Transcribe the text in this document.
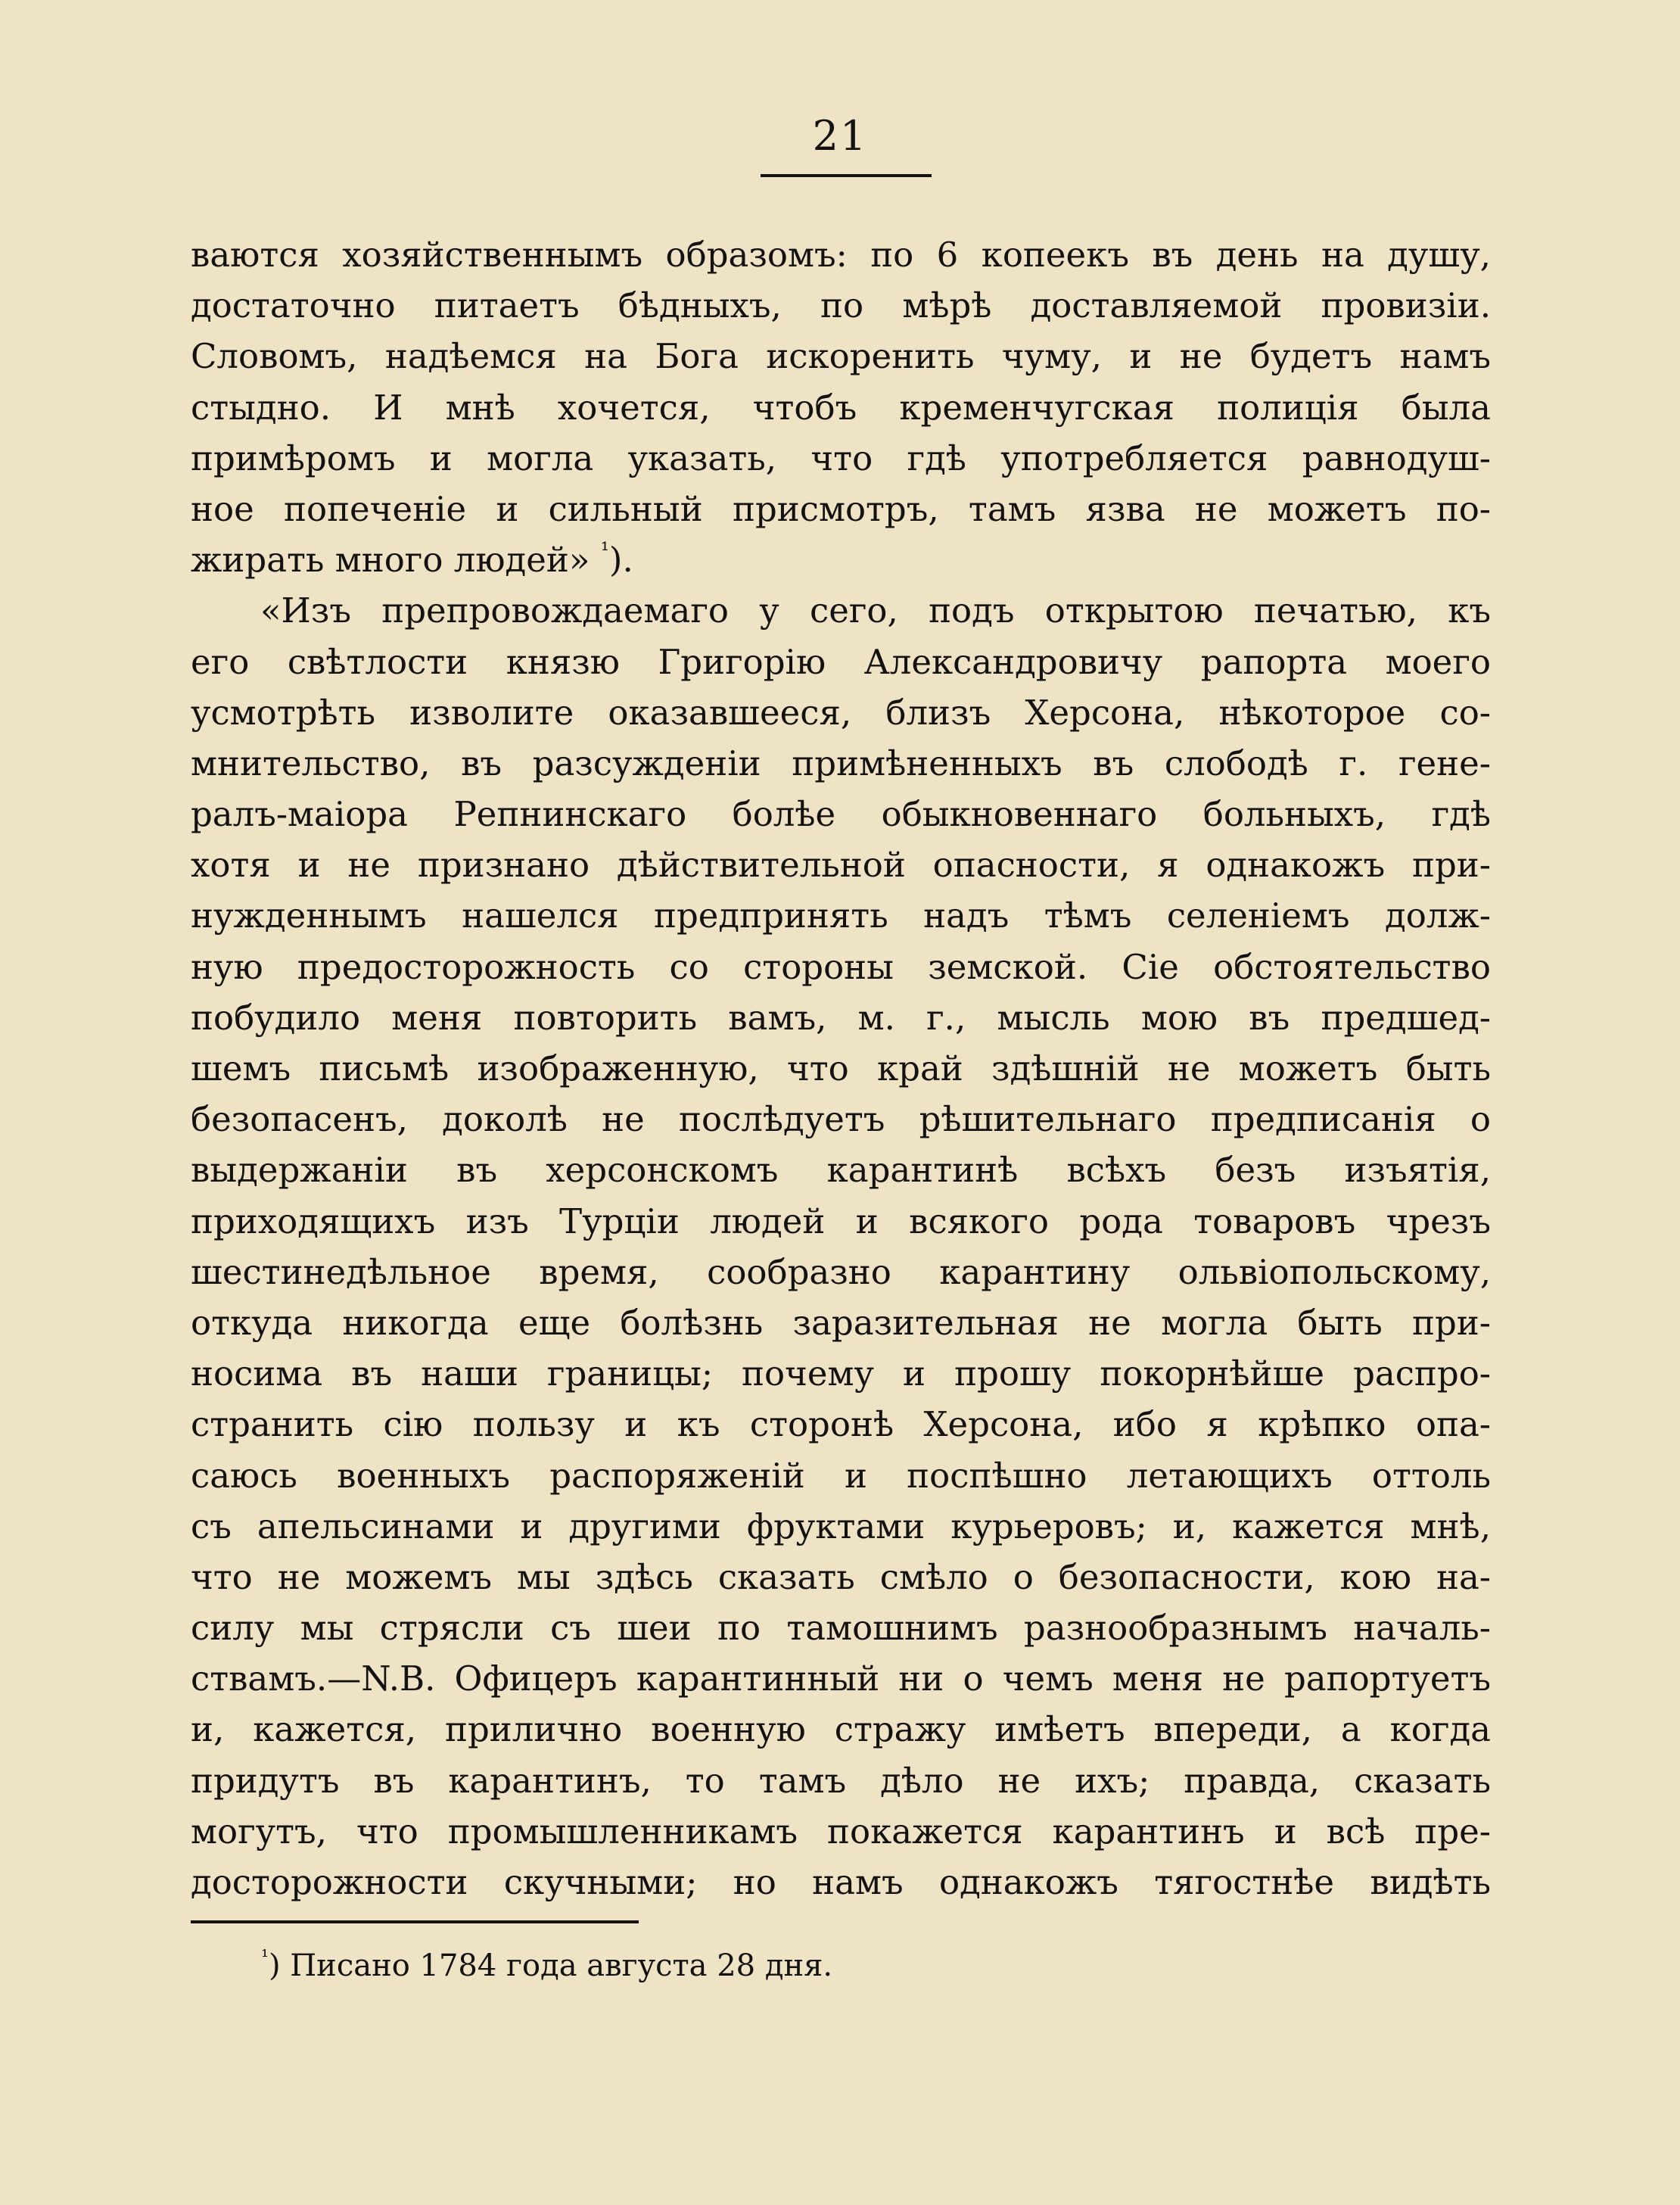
21
ваются хозяйственнымъ образомъ: по 6 копеекъ въ день на душу,
достаточно питаетъ бѣдныхъ, по мѣрѣ доставляемой провизіи.
Словомъ, надѣемся на Бога искоренить чуму, и не будетъ намъ
стыдно. И мнѣ хочется, чтобъ кременчугская полиція была
примѣромъ и могла указать, что гдѣ употребляется равнодуш-
ное попеченіе и сильный присмотръ, тамъ язва не можетъ по-
жирать много людей» $^{^1}$).
«Изъ препровождаемаго у сего, подъ открытою печатью, къ
его свѣтлости князю Григорію Александровичу рапорта моего
усмотрѣть изволите оказавшееся, близъ Херсона, нѣкоторое со-
мнительство, въ разсужденіи примѣненныхъ въ слободѣ г. гене-
ралъ-маіора Репнинскаго болѣе обыкновеннаго больныхъ, гдѣ
хотя и не признано дѣйствительной опасности, я однакожъ при-
нужденнымъ нашелся предпринять надъ тѣмъ селеніемъ долж-
ную предосторожность со стороны земской. Сіе обстоятельство
побудило меня повторить вамъ, м. г., мысль мою въ предшед-
шемъ письмѣ изображенную, что край здѣшній не можетъ быть
безопасенъ, доколѣ не послѣдуетъ рѣшительнаго предписанія о
выдержаніи въ херсонскомъ карантинѣ всѣхъ безъ изъятія,
приходящихъ изъ Турціи людей и всякого рода товаровъ чрезъ
шестинедѣльное время, сообразно карантину ольвіопольскому,
откуда никогда еще болѣзнь заразительная не могла быть при-
носима въ наши границы; почему и прошу покорнѣйше распро-
странить сію пользу и къ сторонѣ Херсона, ибо я крѣпко опа-
саюсь военныхъ распоряженій и поспѣшно летающихъ оттоль
съ апельсинами и другими фруктами курьеровъ; и, кажется мнѣ,
что не можемъ мы здѣсь сказать смѣло о безопасности, кою на-
силу мы стрясли съ шеи по тамошнимъ разнообразнымъ началь-
ствамъ.—N.B. Офицеръ карантинный ни о чемъ меня не рапортуетъ
и, кажется, прилично военную стражу имѣетъ впереди, а когда
придутъ въ карантинъ, то тамъ дѣло не ихъ; правда, сказать
могутъ, что промышленникамъ покажется карантинъ и всѣ пре-
досторожности скучными; но намъ однакожъ тягостнѣе видѣть
$^{^1}$) Писано 1784 года августа 28 дня.
